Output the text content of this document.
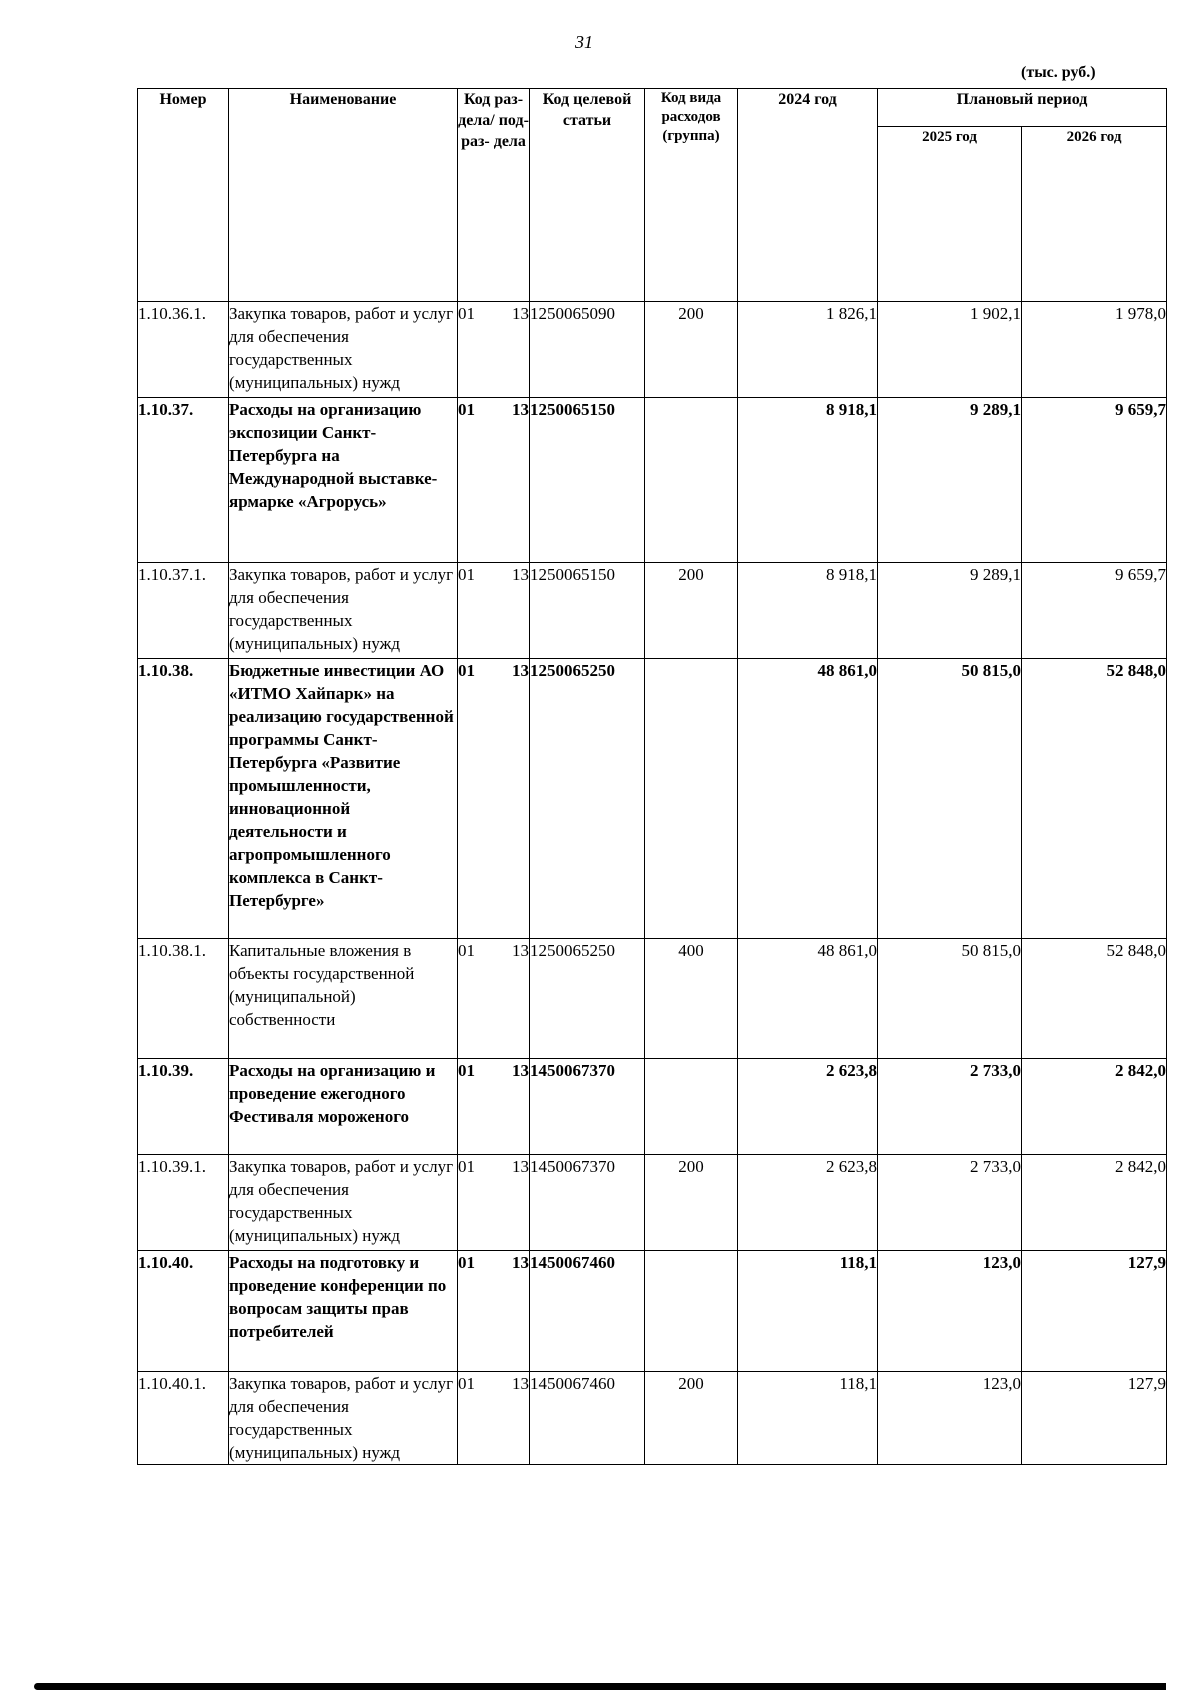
31
(тыс. руб.)
Номер	Наименование	Код раз- дела/ под- раз- дела	Код целевой статьи	Код вида расходов (группа)	2024 год	Плановый период	
						2025 год	2026 год
1.10.36.1.	Закупка товаров, работ и услуг для обеспечения государственных (муниципальных) нужд	01 13	1250065090	200	1 826,1	1 902,1	1 978,0
1.10.37.	Расходы на организацию экспозиции Санкт-Петербурга на Международной выставке-ярмарке «Агрорусь»	01 13	1250065150		8 918,1	9 289,1	9 659,7
1.10.37.1.	Закупка товаров, работ и услуг для обеспечения государственных (муниципальных) нужд	01 13	1250065150	200	8 918,1	9 289,1	9 659,7
1.10.38.	Бюджетные инвестиции АО «ИТМО Хайпарк» на реализацию государственной программы Санкт-Петербурга «Развитие промышленности, инновационной деятельности и агропромышленного комплекса в Санкт-Петербурге»	01 13	1250065250		48 861,0	50 815,0	52 848,0
1.10.38.1.	Капитальные вложения в объекты государственной (муниципальной) собственности	01 13	1250065250	400	48 861,0	50 815,0	52 848,0
1.10.39.	Расходы на организацию и проведение ежегодного Фестиваля мороженого	01 13	1450067370		2 623,8	2 733,0	2 842,0
1.10.39.1.	Закупка товаров, работ и услуг для обеспечения государственных (муниципальных) нужд	01 13	1450067370	200	2 623,8	2 733,0	2 842,0
1.10.40.	Расходы на подготовку и проведение конференции по вопросам защиты прав потребителей	01 13	1450067460		118,1	123,0	127,9
1.10.40.1.	Закупка товаров, работ и услуг для обеспечения государственных (муниципальных) нужд	01 13	1450067460	200	118,1	123,0	127,9
